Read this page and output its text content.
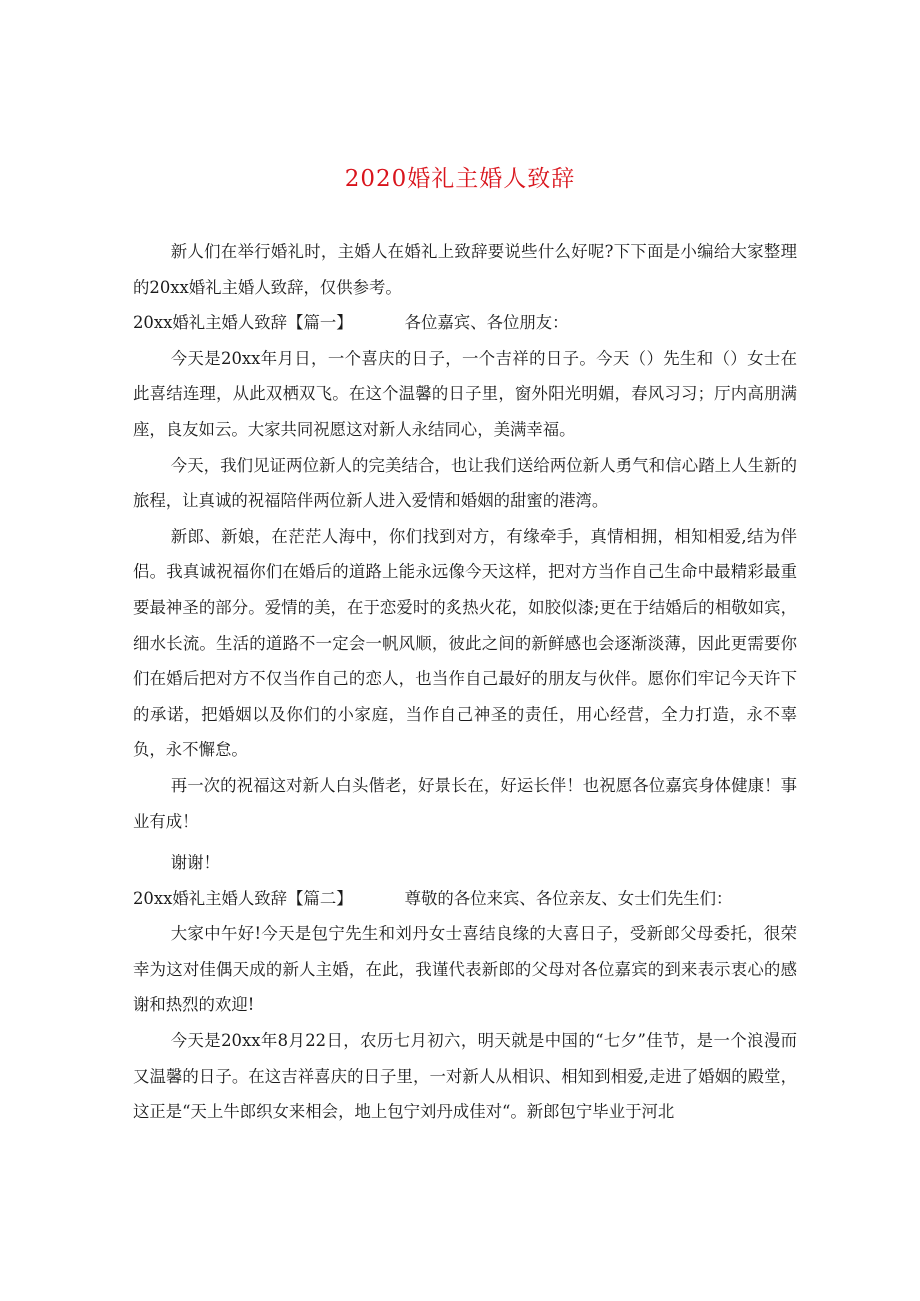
2020婚礼主婚人致辞

新人们在举行婚礼时，主婚人在婚礼上致辞要说些什么好呢?下下面是小编给大家整理的20xx婚礼主婚人致辞，仅供参考。

20xx婚礼主婚人致辞【篇一】	各位嘉宾、各位朋友：

今天是20xx年月日，一个喜庆的日子，一个吉祥的日子。今天（）先生和（）女士在此喜结连理，从此双栖双飞。在这个温馨的日子里，窗外阳光明媚，春风习习；厅内高朋满座，良友如云。大家共同祝愿这对新人永结同心，美满幸福。

今天，我们见证两位新人的完美结合，也让我们送给两位新人勇气和信心踏上人生新的旅程，让真诚的祝福陪伴两位新人进入爱情和婚姻的甜蜜的港湾。

新郎、新娘，在茫茫人海中，你们找到对方，有缘牵手，真情相拥，相知相爱,结为伴侣。我真诚祝福你们在婚后的道路上能永远像今天这样，把对方当作自己生命中最精彩最重要最神圣的部分。爱情的美，在于恋爱时的炙热火花，如胶似漆;更在于结婚后的相敬如宾，细水长流。生活的道路不一定会一帆风顺，彼此之间的新鲜感也会逐渐淡薄，因此更需要你们在婚后把对方不仅当作自己的恋人，也当作自己最好的朋友与伙伴。愿你们牢记今天许下的承诺，把婚姻以及你们的小家庭，当作自己神圣的责任，用心经营，全力打造，永不辜负，永不懈怠。

再一次的祝福这对新人白头偕老，好景长在，好运长伴！也祝愿各位嘉宾身体健康！事业有成！

谢谢！

20xx婚礼主婚人致辞【篇二】	尊敬的各位来宾、各位亲友、女士们先生们：

大家中午好!今天是包宁先生和刘丹女士喜结良缘的大喜日子，受新郎父母委托，很荣幸为这对佳偶天成的新人主婚，在此，我谨代表新郎的父母对各位嘉宾的到来表示衷心的感谢和热烈的欢迎!

今天是20xx年8月22日，农历七月初六，明天就是中国的“七夕”佳节，是一个浪漫而又温馨的日子。在这吉祥喜庆的日子里，一对新人从相识、相知到相爱,走进了婚姻的殿堂，这正是“天上牛郎织女来相会，地上包宁刘丹成佳对“。新郎包宁毕业于河北
